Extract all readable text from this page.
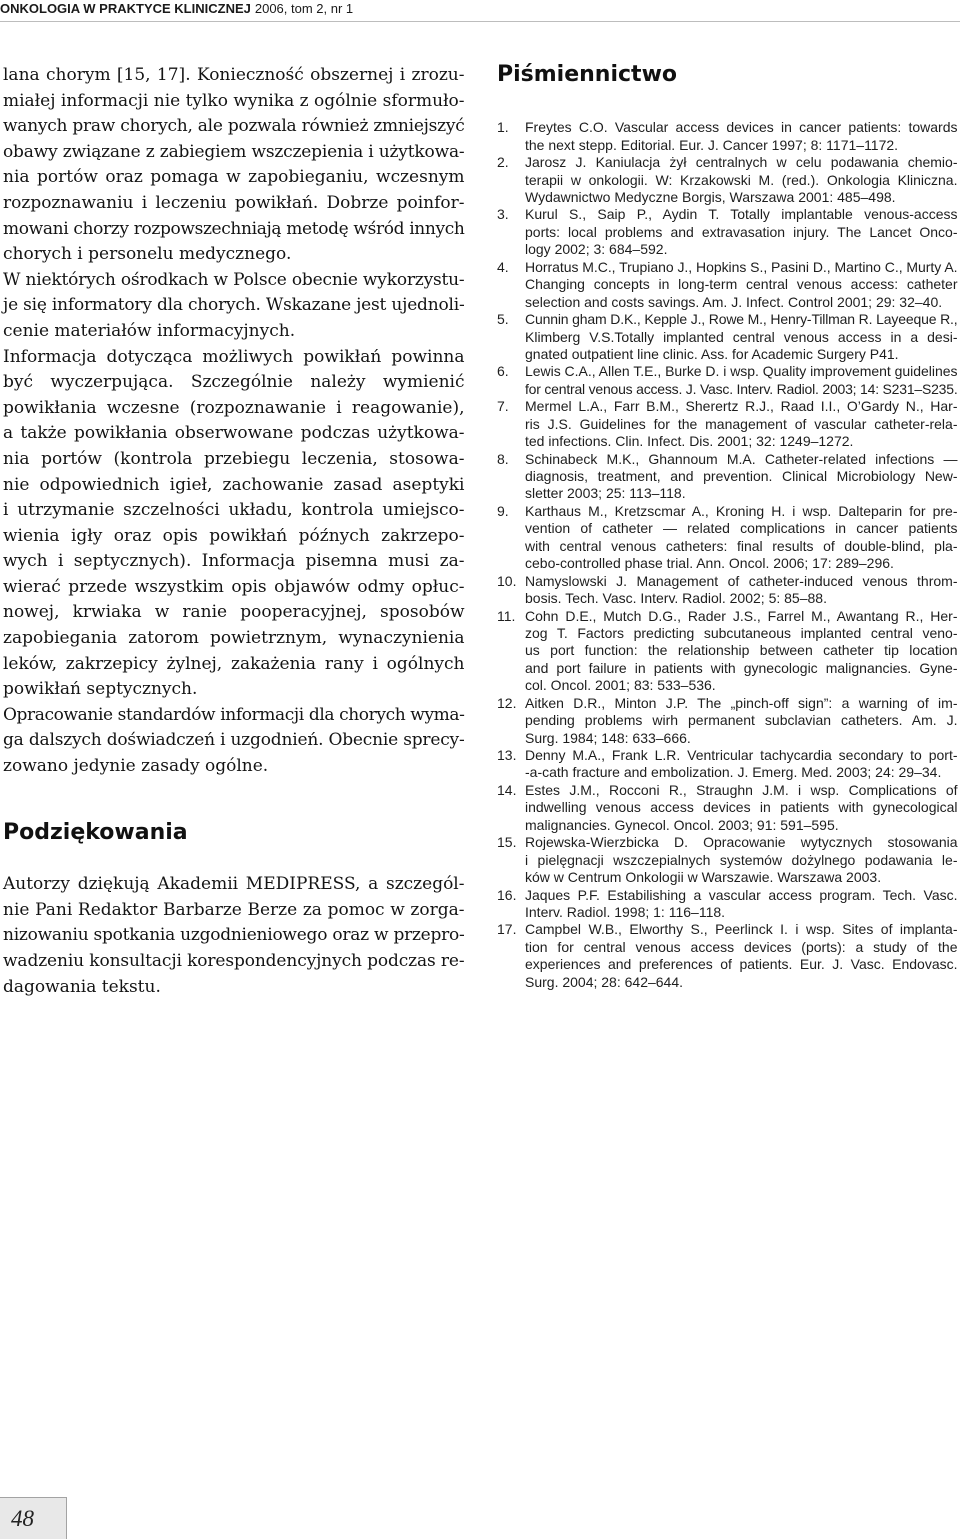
ONKOLOGIA W PRAKTYCE KLINICZNEJ 2006, tom 2, nr 1
lana chorym [15, 17]. Konieczność obszernej i zrozu-
miałej informacji nie tylko wynika z ogólnie sformuło-
wanych praw chorych, ale pozwala również zmniejszyć
obawy związane z zabiegiem wszczepienia i użytkowa-
nia portów oraz pomaga w zapobieganiu, wczesnym
rozpoznawaniu i leczeniu powikłań. Dobrze poinfor-
mowani chorzy rozpowszechniają metodę wśród innych
chorych i personelu medycznego.
W niektórych ośrodkach w Polsce obecnie wykorzystu-
je się informatory dla chorych. Wskazane jest ujednoli-
cenie materiałów informacyjnych.
Informacja dotycząca możliwych powikłań powinna
być wyczerpująca. Szczególnie należy wymienić
powikłania wczesne (rozpoznawanie i reagowanie),
a także powikłania obserwowane podczas użytkowa-
nia portów (kontrola przebiegu leczenia, stosowa-
nie odpowiednich igieł, zachowanie zasad aseptyki
i utrzymanie szczelności układu, kontrola umiejsco-
wienia igły oraz opis powikłań późnych zakrzepo-
wych i septycznych). Informacja pisemna musi za-
wierać przede wszystkim opis objawów odmy opłuc-
nowej, krwiaka w ranie pooperacyjnej, sposobów
zapobiegania zatorom powietrznym, wynaczynienia
leków, zakrzepicy żylnej, zakażenia rany i ogólnych
powikłań septycznych.
Opracowanie standardów informacji dla chorych wyma-
ga dalszych doświadczeń i uzgodnień. Obecnie sprecy-
zowano jedynie zasady ogólne.
Podziękowania
Autorzy dziękują Akademii MEDIPRESS, a szczegól-
nie Pani Redaktor Barbarze Berze za pomoc w zorga-
nizowaniu spotkania uzgodnieniowego oraz w przepro-
wadzeniu konsultacji korespondencyjnych podczas re-
dagowania tekstu.
Piśmiennictwo
1. Freytes C.O. Vascular access devices in cancer patients: towards
the next stepp. Editorial. Eur. J. Cancer 1997; 8: 1171–1172.
2. Jarosz J. Kaniulacja żył centralnych w celu podawania chemio-
terapii w onkologii. W: Krzakowski M. (red.). Onkologia Kliniczna.
Wydawnictwo Medyczne Borgis, Warszawa 2001: 485–498.
3. Kurul S., Saip P., Aydin T. Totally implantable venous-access
ports: local problems and extravasation injury. The Lancet Onco-
logy 2002; 3: 684–592.
4. Horratus M.C., Trupiano J., Hopkins S., Pasini D., Martino C., Murty A.
Changing concepts in long-term central venous access: catheter
selection and costs savings. Am. J. Infect. Control 2001; 29: 32–40.
5. Cunnin gham D.K., Kepple J., Rowe M., Henry-Tillman R. Layeeque R.,
Klimberg V.S.Totally implanted central venous access in a desi-
gnated outpatient line clinic. Ass. for Academic Surgery P41.
6. Lewis C.A., Allen T.E., Burke D. i wsp. Quality improvement guidelines
for central venous access. J. Vasc. Interv. Radiol. 2003; 14: S231–S235.
7. Mermel L.A., Farr B.M., Sherertz R.J., Raad I.I., O’Gardy N., Har-
ris J.S. Guidelines for the management of vascular catheter-rela-
ted infections. Clin. Infect. Dis. 2001; 32: 1249–1272.
8. Schinabeck M.K., Ghannoum M.A. Catheter-related infections —
diagnosis, treatment, and prevention. Clinical Microbiology New-
sletter 2003; 25: 113–118.
9. Karthaus M., Kretzscmar A., Kroning H. i wsp. Dalteparin for pre-
vention of catheter — related complications in cancer patients
with central venous catheters: final results of double-blind, pla-
cebo-controlled phase trial. Ann. Oncol. 2006; 17: 289–296.
10. Namyslowski J. Management of catheter-induced venous throm-
bosis. Tech. Vasc. Interv. Radiol. 2002; 5: 85–88.
11. Cohn D.E., Mutch D.G., Rader J.S., Farrel M., Awantang R., Her-
zog T. Factors predicting subcutaneous implanted central veno-
us port function: the relationship between catheter tip location
and port failure in patients with gynecologic malignancies. Gyne-
col. Oncol. 2001; 83: 533–536.
12. Aitken D.R., Minton J.P. The „pinch-off sign”: a warning of im-
pending problems wirh permanent subclavian catheters. Am. J.
Surg. 1984; 148: 633–666.
13. Denny M.A., Frank L.R. Ventricular tachycardia secondary to port-
-a-cath fracture and embolization. J. Emerg. Med. 2003; 24: 29–34.
14. Estes J.M., Rocconi R., Straughn J.M. i wsp. Complications of
indwelling venous access devices in patients with gynecological
malignancies. Gynecol. Oncol. 2003; 91: 591–595.
15. Rojewska-Wierzbicka D. Opracowanie wytycznych stosowania
i pielęgnacji wszczepialnych systemów dożylnego podawania le-
ków w Centrum Onkologii w Warszawie. Warszawa 2003.
16. Jaques P.F. Estabilishing a vascular access program. Tech. Vasc.
Interv. Radiol. 1998; 1: 116–118.
17. Campbel W.B., Elworthy S., Peerlinck I. i wsp. Sites of implanta-
tion for central venous access devices (ports): a study of the
experiences and preferences of patients. Eur. J. Vasc. Endovasc.
Surg. 2004; 28: 642–644.
48
